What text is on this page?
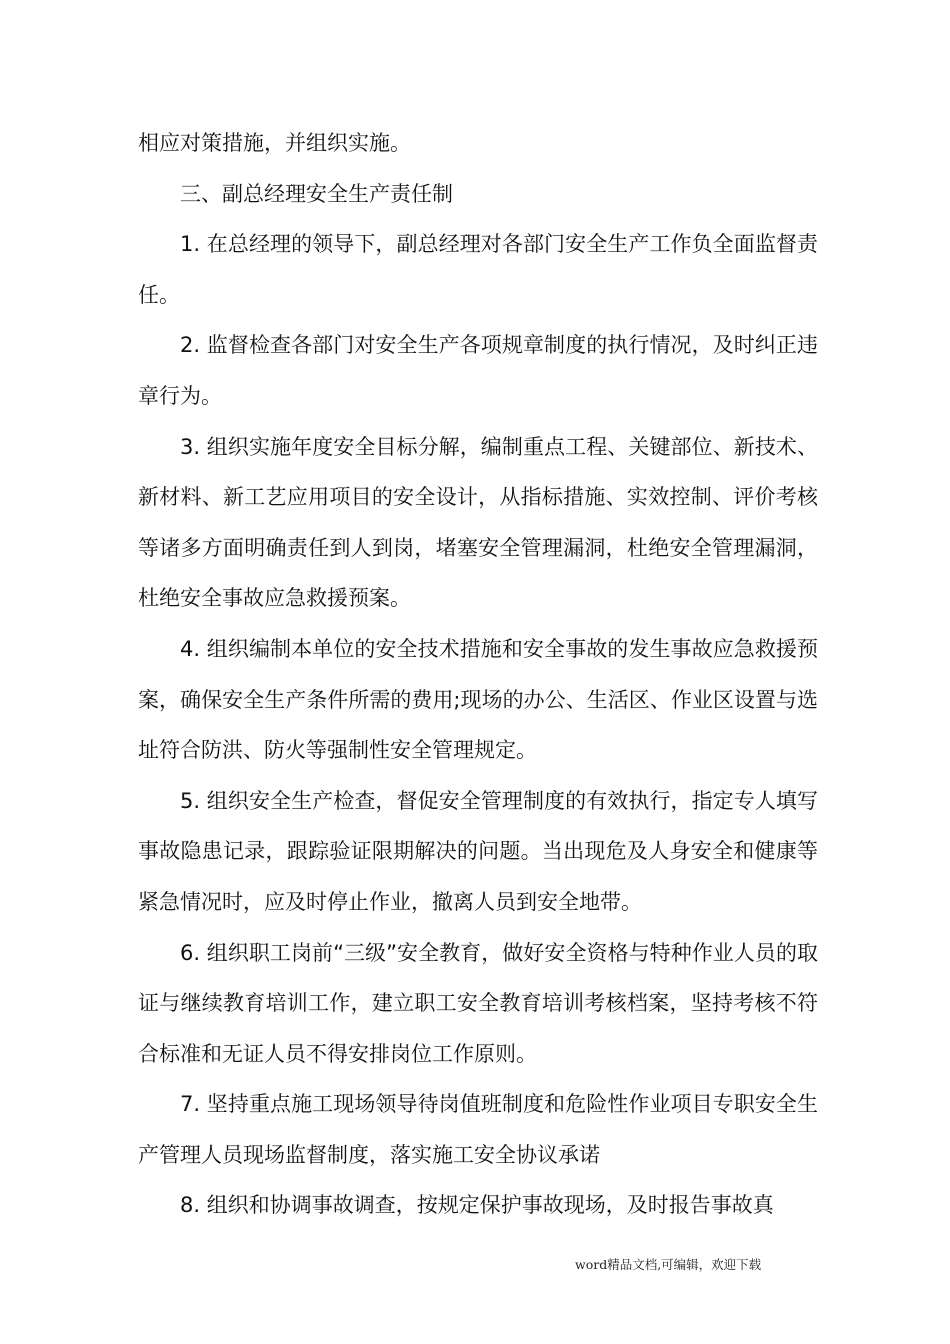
相应对策措施，并组织实施。

三、副总经理安全生产责任制

1. 在总经理的领导下，副总经理对各部门安全生产工作负全面监督责任。

2. 监督检查各部门对安全生产各项规章制度的执行情况，及时纠正违章行为。

3. 组织实施年度安全目标分解，编制重点工程、关键部位、新技术、新材料、新工艺应用项目的安全设计，从指标措施、实效控制、评价考核等诸多方面明确责任到人到岗，堵塞安全管理漏洞，杜绝安全管理漏洞，杜绝安全事故应急救援预案。

4. 组织编制本单位的安全技术措施和安全事故的发生事故应急救援预案，确保安全生产条件所需的费用;现场的办公、生活区、作业区设置与选址符合防洪、防火等强制性安全管理规定。

5. 组织安全生产检查，督促安全管理制度的有效执行，指定专人填写事故隐患记录，跟踪验证限期解决的问题。当出现危及人身安全和健康等紧急情况时，应及时停止作业，撤离人员到安全地带。

6. 组织职工岗前“三级”安全教育，做好安全资格与特种作业人员的取证与继续教育培训工作，建立职工安全教育培训考核档案，坚持考核不符合标准和无证人员不得安排岗位工作原则。

7. 坚持重点施工现场领导待岗值班制度和危险性作业项目专职安全生产管理人员现场监督制度，落实施工安全协议承诺

8. 组织和协调事故调查，按规定保护事故现场，及时报告事故真

word精品文档,可编辑，欢迎下载
